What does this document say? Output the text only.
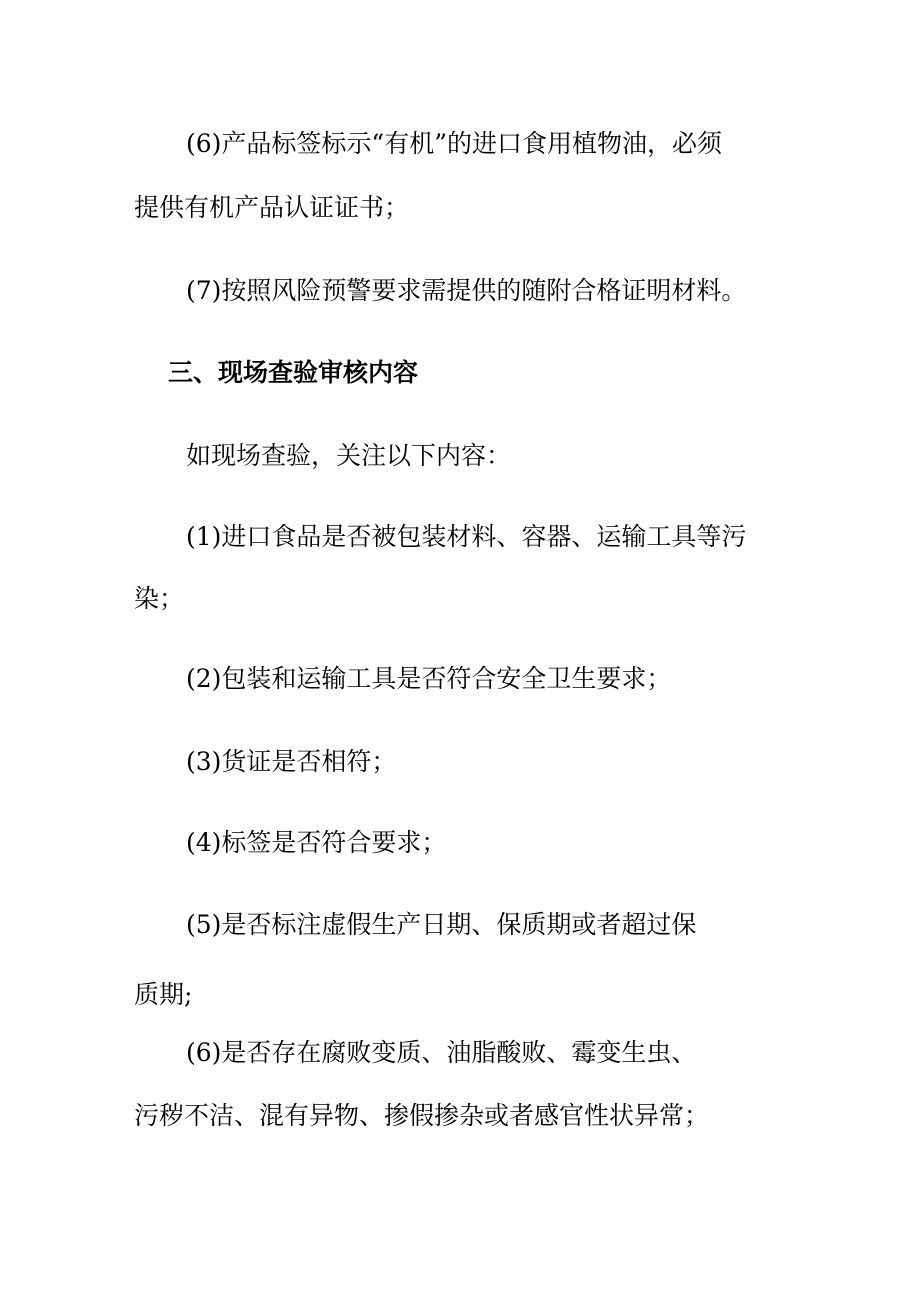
(6)产品标签标示“有机”的进口食用植物油，必须

提供有机产品认证证书；

(7)按照风险预警要求需提供的随附合格证明材料。

三、现场查验审核内容

如现场查验，关注以下内容：

(1)进口食品是否被包装材料、容器、运输工具等污

染；

(2)包装和运输工具是否符合安全卫生要求；

(3)货证是否相符；

(4)标签是否符合要求；

(5)是否标注虚假生产日期、保质期或者超过保

质期;

(6)是否存在腐败变质、油脂酸败、霉变生虫、

污秽不洁、混有异物、掺假掺杂或者感官性状异常；
